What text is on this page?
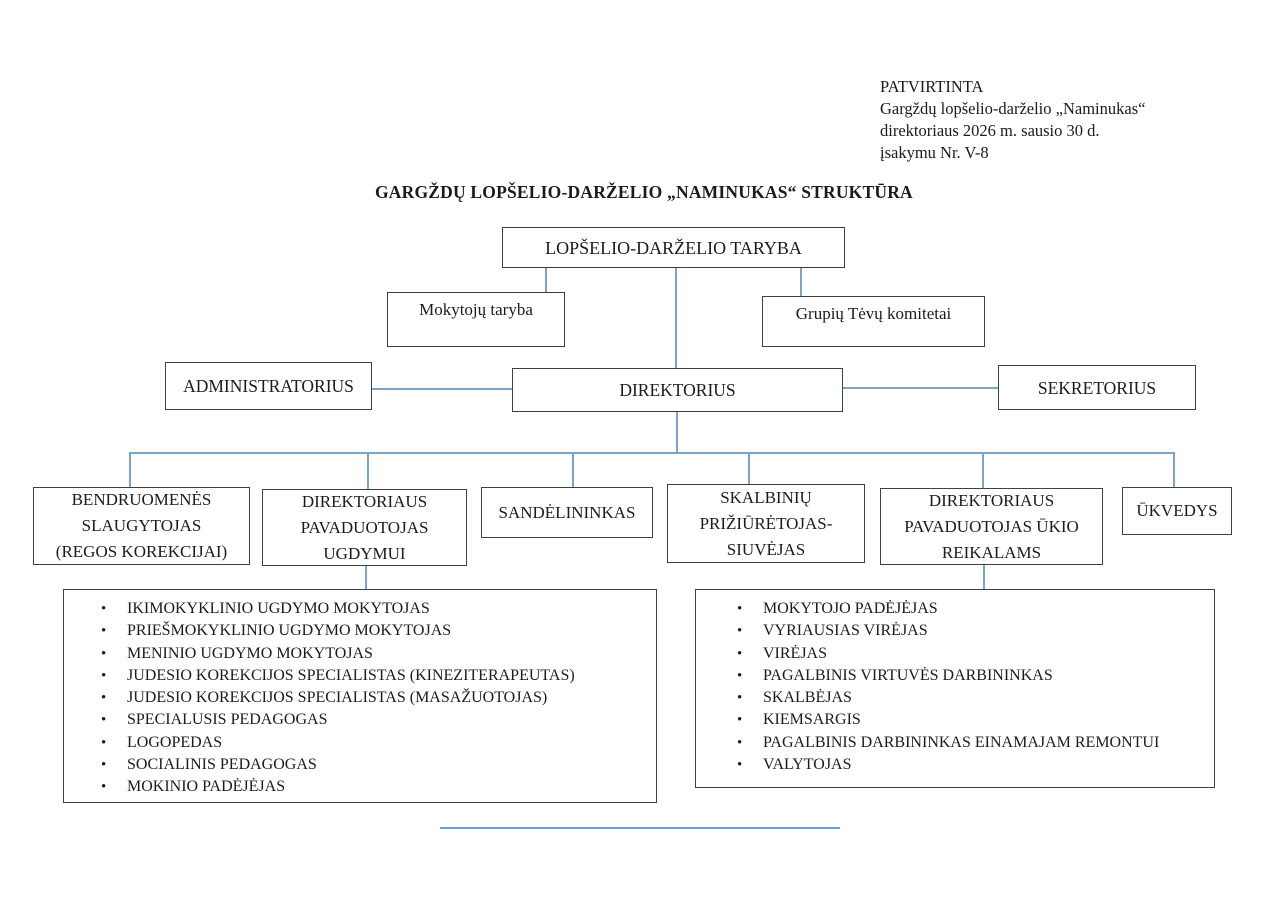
PATVIRTINTA
Gargždų lopšelio-darželio „Naminukas“
direktoriaus 2026 m. sausio 30 d.
įsakymu Nr. V-8
GARGŽDŲ LOPŠELIO-DARŽELIO „NAMINUKAS“ STRUKTŪRA
LOPŠELIO-DARŽELIO TARYBA
Mokytojų taryba	Grupių Tėvų komitetai
ADMINISTRATORIUS	DIREKTORIUS	SEKRETORIUS
BENDRUOMENĖS
SLAUGYTOJAS
(REGOS KOREKCIJAI)
DIREKTORIAUS
PAVADUOTOJAS
UGDYMUI
SANDĖLININKAS
SKALBINIŲ
PRIŽIŪRĖTOJAS-
SIUVĖJAS
DIREKTORIAUS
PAVADUOTOJAS ŪKIO
REIKALAMS
ŪKVEDYS
• IKIMOKYKLINIO UGDYMO MOKYTOJAS
• PRIEŠMOKYKLINIO UGDYMO MOKYTOJAS
• MENINIO UGDYMO MOKYTOJAS
• JUDESIO KOREKCIJOS SPECIALISTAS (KINEZITERAPEUTAS)
• JUDESIO KOREKCIJOS SPECIALISTAS (MASAŽUOTOJAS)
• SPECIALUSIS PEDAGOGAS
• LOGOPEDAS
• SOCIALINIS PEDAGOGAS
• MOKINIO PADĖJĖJAS
• MOKYTOJO PADĖJĖJAS
• VYRIAUSIAS VIRĖJAS
• VIRĖJAS
• PAGALBINIS VIRTUVĖS DARBININKAS
• SKALBĖJAS
• KIEMSARGIS
• PAGALBINIS DARBININKAS EINAMAJAM REMONTUI
• VALYTOJAS
